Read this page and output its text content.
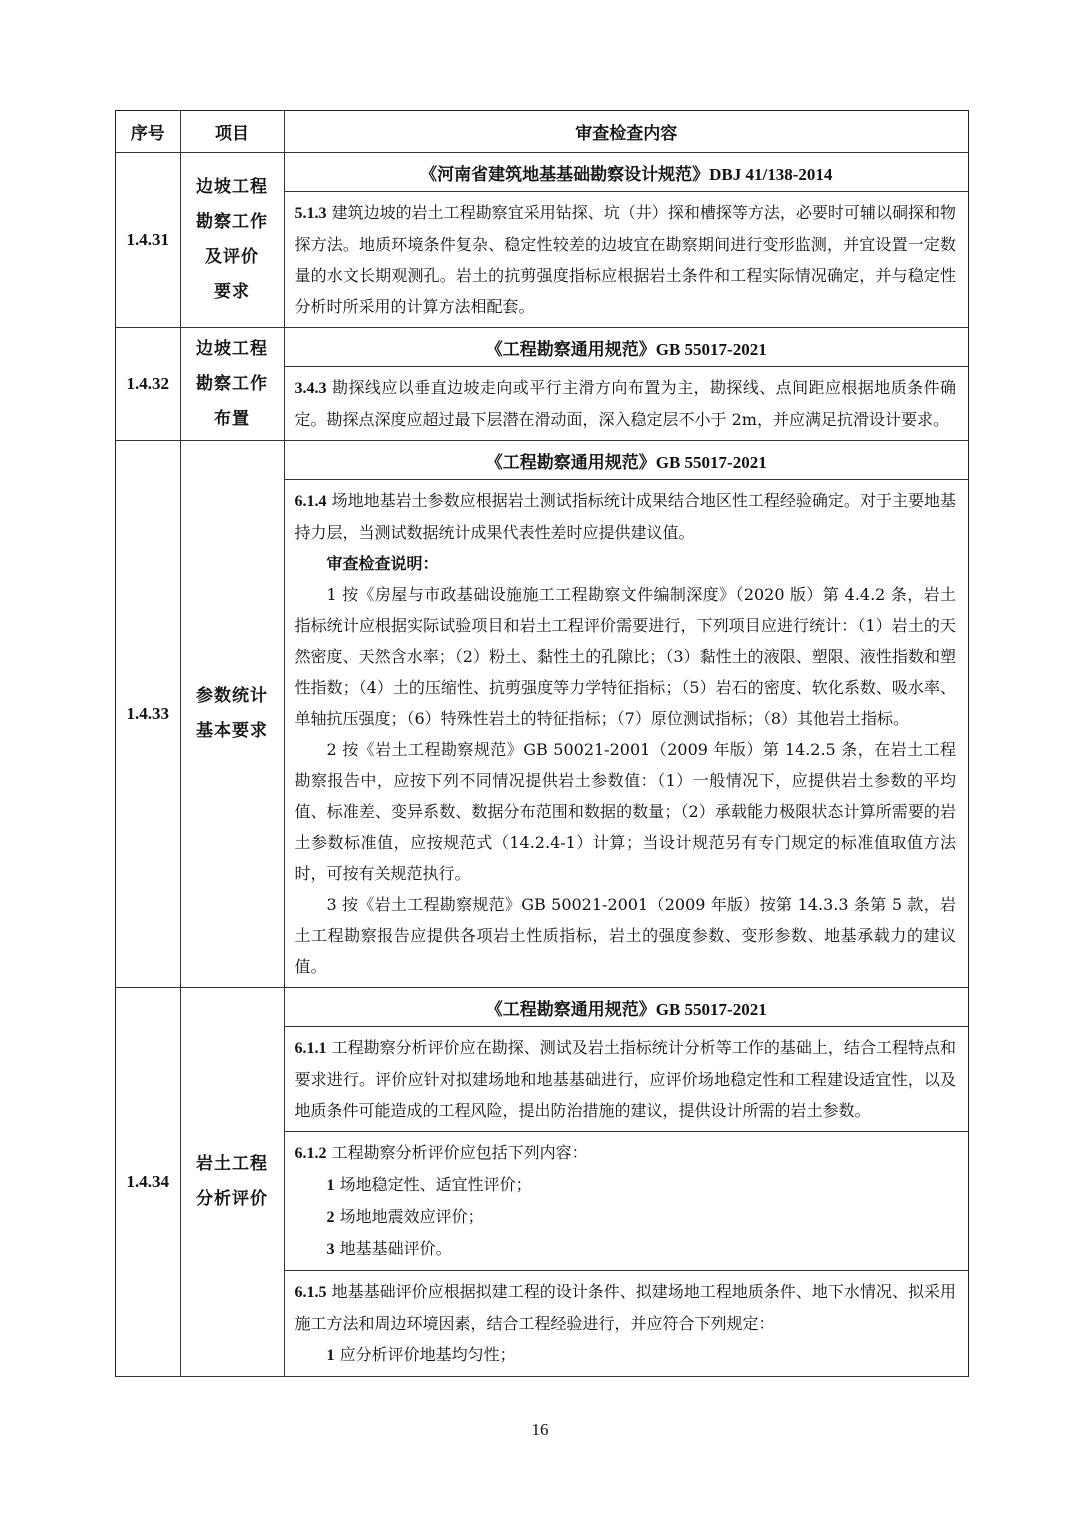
序号	项目	审查检查内容
1.4.31	边坡工程
勘察工作
及评价
要求	《河南省建筑地基基础勘察设计规范》DBJ 41/138-2014
		5.1.3 建筑边坡的岩土工程勘察宜采用钻探、坑（井）探和槽探等方法，必要时可辅以硐探和物探方法。地质环境条件复杂、稳定性较差的边坡宜在勘察期间进行变形监测，并宜设置一定数量的水文长期观测孔。岩土的抗剪强度指标应根据岩土条件和工程实际情况确定，并与稳定性分析时所采用的计算方法相配套。
1.4.32	边坡工程
勘察工作
布置	《工程勘察通用规范》GB 55017-2021
		3.4.3 勘探线应以垂直边坡走向或平行主滑方向布置为主，勘探线、点间距应根据地质条件确定。勘探点深度应超过最下层潜在滑动面，深入稳定层不小于 2m，并应满足抗滑设计要求。
1.4.33	参数统计
基本要求	《工程勘察通用规范》GB 55017-2021

		6.1.4 场地地基岩土参数应根据岩土测试指标统计成果结合地区性工程经验确定。对于主要地基持力层，当测试数据统计成果代表性差时应提供建议值。
审查检查说明：
1 按《房屋与市政基础设施施工工程勘察文件编制深度》（2020 版）第 4.4.2 条，岩土指标统计应根据实际试验项目和岩土工程评价需要进行，下列项目应进行统计：（1）岩土的天然密度、天然含水率；（2）粉土、黏性土的孔隙比；（3）黏性土的液限、塑限、液性指数和塑性指数；（4）土的压缩性、抗剪强度等力学特征指标；（5）岩石的密度、软化系数、吸水率、单轴抗压强度；（6）特殊性岩土的特征指标；（7）原位测试指标；（8）其他岩土指标。
2 按《岩土工程勘察规范》GB 50021-2001（2009 年版）第 14.2.5 条，在岩土工程勘察报告中，应按下列不同情况提供岩土参数值：（1）一般情况下，应提供岩土参数的平均值、标准差、变异系数、数据分布范围和数据的数量；（2）承载能力极限状态计算所需要的岩土参数标准值，应按规范式（14.2.4-1）计算；当设计规范另有专门规定的标准值取值方法时，可按有关规范执行。
3 按《岩土工程勘察规范》GB 50021-2001（2009 年版）按第 14.3.3 条第 5 款，岩土工程勘察报告应提供各项岩土性质指标，岩土的强度参数、变形参数、地基承载力的建议值。

1.4.34	岩土工程
分析评价	《工程勘察通用规范》GB 55017-2021
		6.1.1 工程勘察分析评价应在勘探、测试及岩土指标统计分析等工作的基础上，结合工程特点和要求进行。评价应针对拟建场地和地基基础进行，应评价场地稳定性和工程建设适宜性，以及地质条件可能造成的工程风险，提出防治措施的建议，提供设计所需的岩土参数。

		6.1.2 工程勘察分析评价应包括下列内容：
1 场地稳定性、适宜性评价；
2 场地地震效应评价；
3 地基基础评价。

		6.1.5 地基基础评价应根据拟建工程的设计条件、拟建场地工程地质条件、地下水情况、拟采用施工方法和周边环境因素，结合工程经验进行，并应符合下列规定：
1 应分析评价地基均匀性；
16
